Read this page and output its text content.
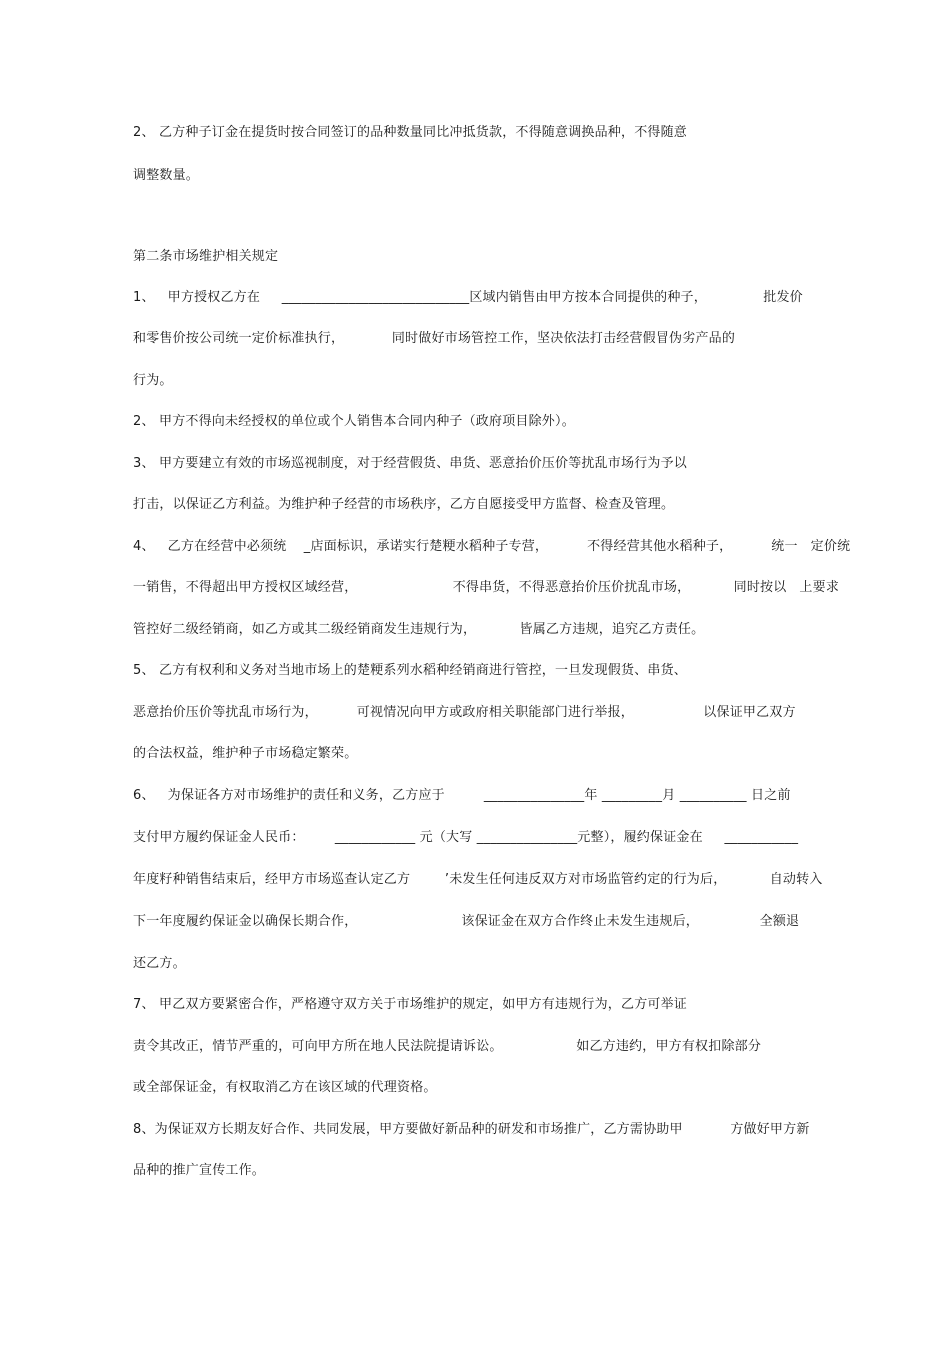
2、 乙方种子订金在提货时按合同签订的品种数量同比冲抵货款，不得随意调换品种，不得随意
调整数量。
第二条市场维护相关规定
1、   甲方授权乙方在     ____________________________区域内销售由甲方按本合同提供的种子，             批发价
和零售价按公司统一定价标准执行，           同时做好市场管控工作，坚决依法打击经营假冒伪劣产品的
行为。
2、 甲方不得向未经授权的单位或个人销售本合同内种子（政府项目除外）。
3、 甲方要建立有效的市场巡视制度，对于经营假货、串货、恶意抬价压价等扰乱市场行为予以
打击，以保证乙方利益。为维护种子经营的市场秩序，乙方自愿接受甲方监督、检查及管理。
4、   乙方在经营中必须统    _店面标识，承诺实行楚粳水稻种子专营，         不得经营其他水稻种子，         统一   定价统
一销售，不得超出甲方授权区域经营，                      不得串货，不得恶意抬价压价扰乱市场，          同时按以   上要求
管控好二级经销商，如乙方或其二级经销商发生违规行为，          皆属乙方违规，追究乙方责任。
5、 乙方有权利和义务对当地市场上的楚粳系列水稻种经销商进行管控，一旦发现假货、串货、
恶意抬价压价等扰乱市场行为，         可视情况向甲方或政府相关职能部门进行举报，                以保证甲乙双方
的合法权益，维护种子市场稳定繁荣。
6、   为保证各方对市场维护的责任和义务，乙方应于         _______________年 _________月 __________ 日之前
支付甲方履约保证金人民币：       ____________ 元（大写 _______________元整），履约保证金在     ___________
年度籽种销售结束后，经甲方市场巡查认定乙方        ’未发生任何违反双方对市场监管约定的行为后，          自动转入
下一年度履约保证金以确保长期合作，                        该保证金在双方合作终止未发生违规后，              全额退
还乙方。
7、 甲乙双方要紧密合作，严格遵守双方关于市场维护的规定，如甲方有违规行为，乙方可举证
责令其改正，情节严重的，可向甲方所在地人民法院提请诉讼。                 如乙方违约，甲方有权扣除部分
或全部保证金，有权取消乙方在该区域的代理资格。
8、为保证双方长期友好合作、共同发展，甲方要做好新品种的研发和市场推广，乙方需协助甲           方做好甲方新
品种的推广宣传工作。
